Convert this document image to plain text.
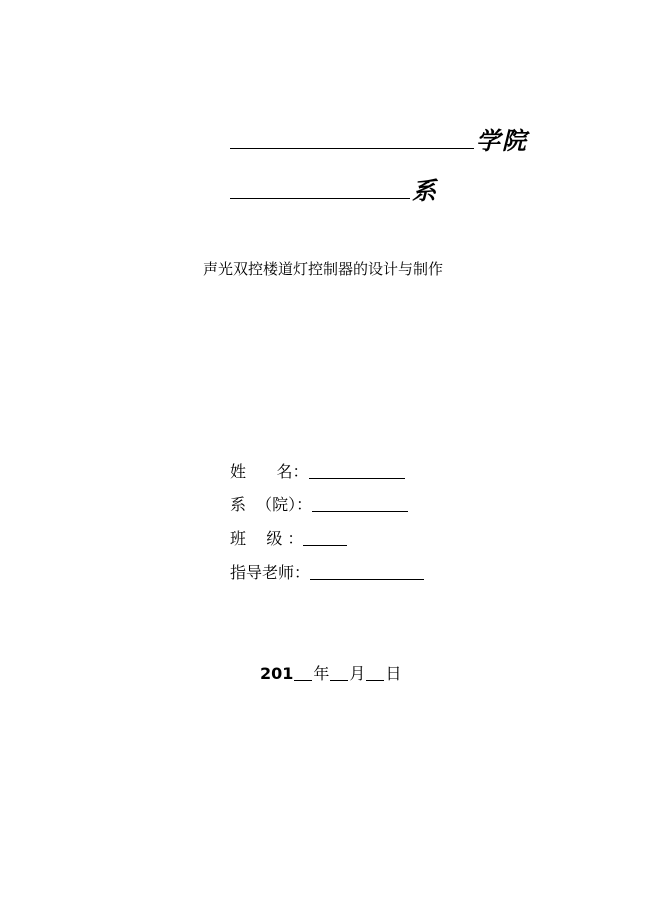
学院
系
声光双控楼道灯控制器的设计与制作
姓      名：
系  （院）：
班    级 ：
指导老师：
201 年 月 日
